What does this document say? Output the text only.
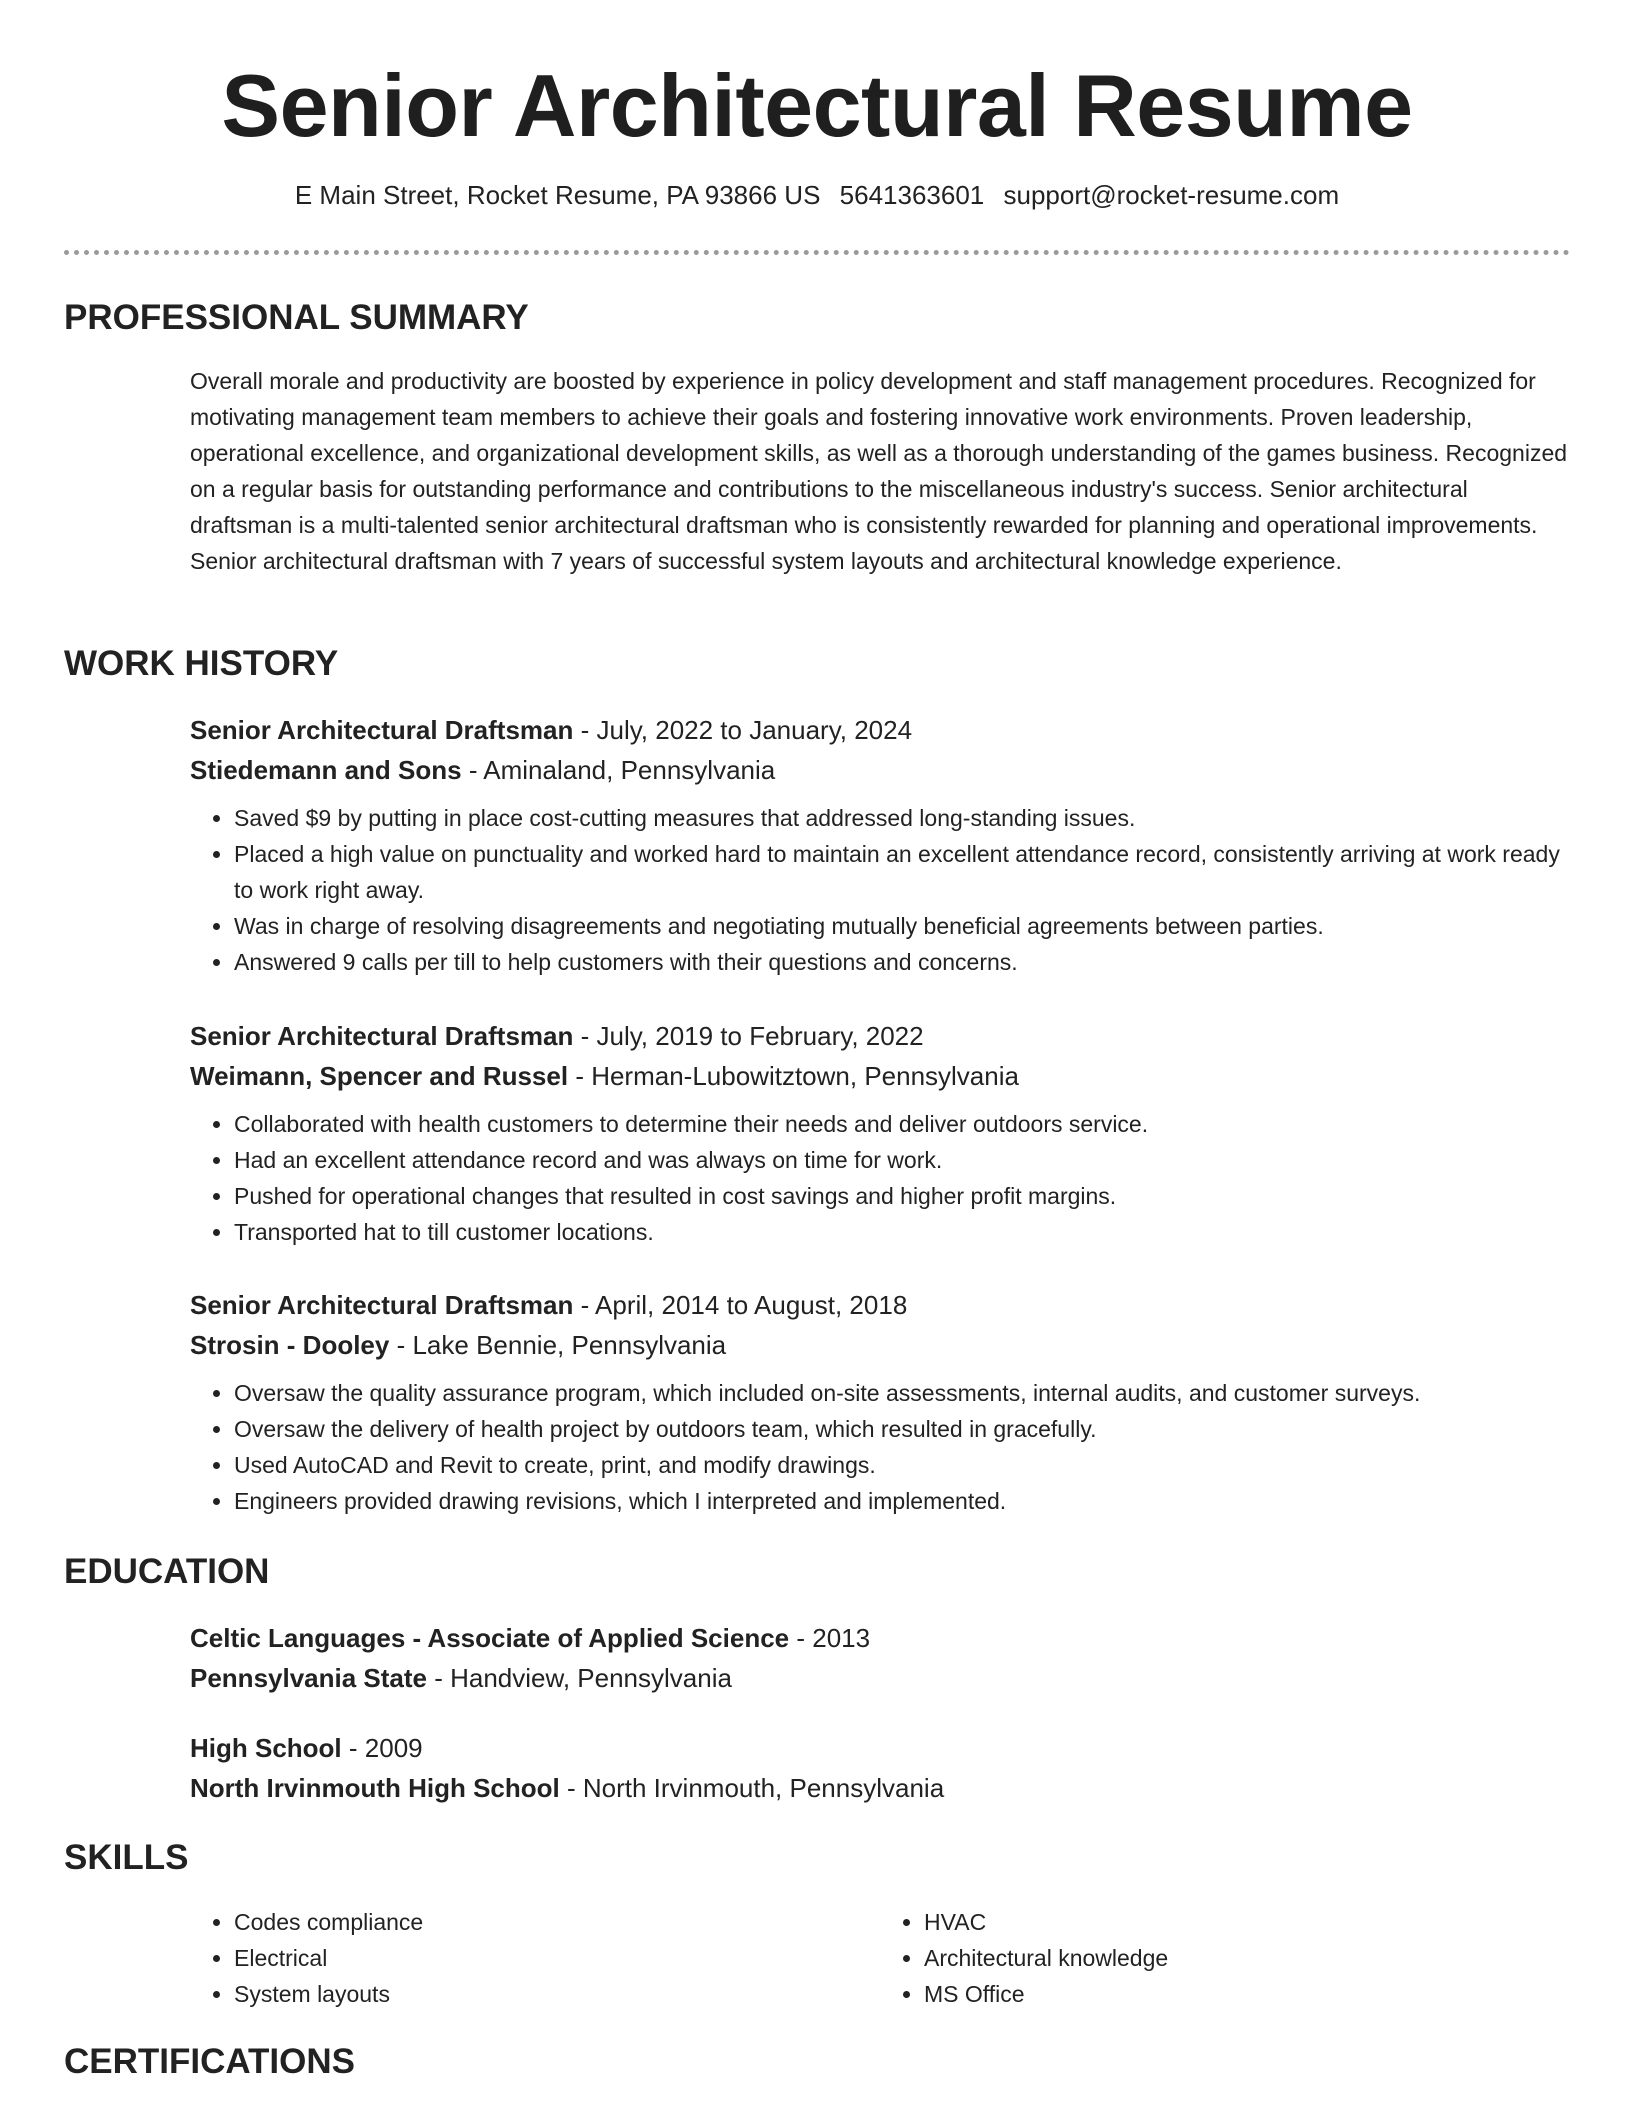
Senior Architectural Resume
E Main Street, Rocket Resume, PA 93866 US 5641363601 support@rocket-resume.com
PROFESSIONAL SUMMARY
Overall morale and productivity are boosted by experience in policy development and staff management procedures. Recognized for motivating management team members to achieve their goals and fostering innovative work environments. Proven leadership, operational excellence, and organizational development skills, as well as a thorough understanding of the games business. Recognized on a regular basis for outstanding performance and contributions to the miscellaneous industry's success. Senior architectural draftsman is a multi-talented senior architectural draftsman who is consistently rewarded for planning and operational improvements. Senior architectural draftsman with 7 years of successful system layouts and architectural knowledge experience.
WORK HISTORY
Senior Architectural Draftsman - July, 2022 to January, 2024
Stiedemann and Sons - Aminaland, Pennsylvania
• Saved $9 by putting in place cost-cutting measures that addressed long-standing issues.
• Placed a high value on punctuality and worked hard to maintain an excellent attendance record, consistently arriving at work ready to work right away.
• Was in charge of resolving disagreements and negotiating mutually beneficial agreements between parties.
• Answered 9 calls per till to help customers with their questions and concerns.
Senior Architectural Draftsman - July, 2019 to February, 2022
Weimann, Spencer and Russel - Herman-Lubowitztown, Pennsylvania
• Collaborated with health customers to determine their needs and deliver outdoors service.
• Had an excellent attendance record and was always on time for work.
• Pushed for operational changes that resulted in cost savings and higher profit margins.
• Transported hat to till customer locations.
Senior Architectural Draftsman - April, 2014 to August, 2018
Strosin - Dooley - Lake Bennie, Pennsylvania
• Oversaw the quality assurance program, which included on-site assessments, internal audits, and customer surveys.
• Oversaw the delivery of health project by outdoors team, which resulted in gracefully.
• Used AutoCAD and Revit to create, print, and modify drawings.
• Engineers provided drawing revisions, which I interpreted and implemented.
EDUCATION
Celtic Languages - Associate of Applied Science - 2013
Pennsylvania State - Handview, Pennsylvania
High School - 2009
North Irvinmouth High School - North Irvinmouth, Pennsylvania
SKILLS
• Codes compliance
• Electrical
• System layouts
• HVAC
• Architectural knowledge
• MS Office
CERTIFICATIONS
